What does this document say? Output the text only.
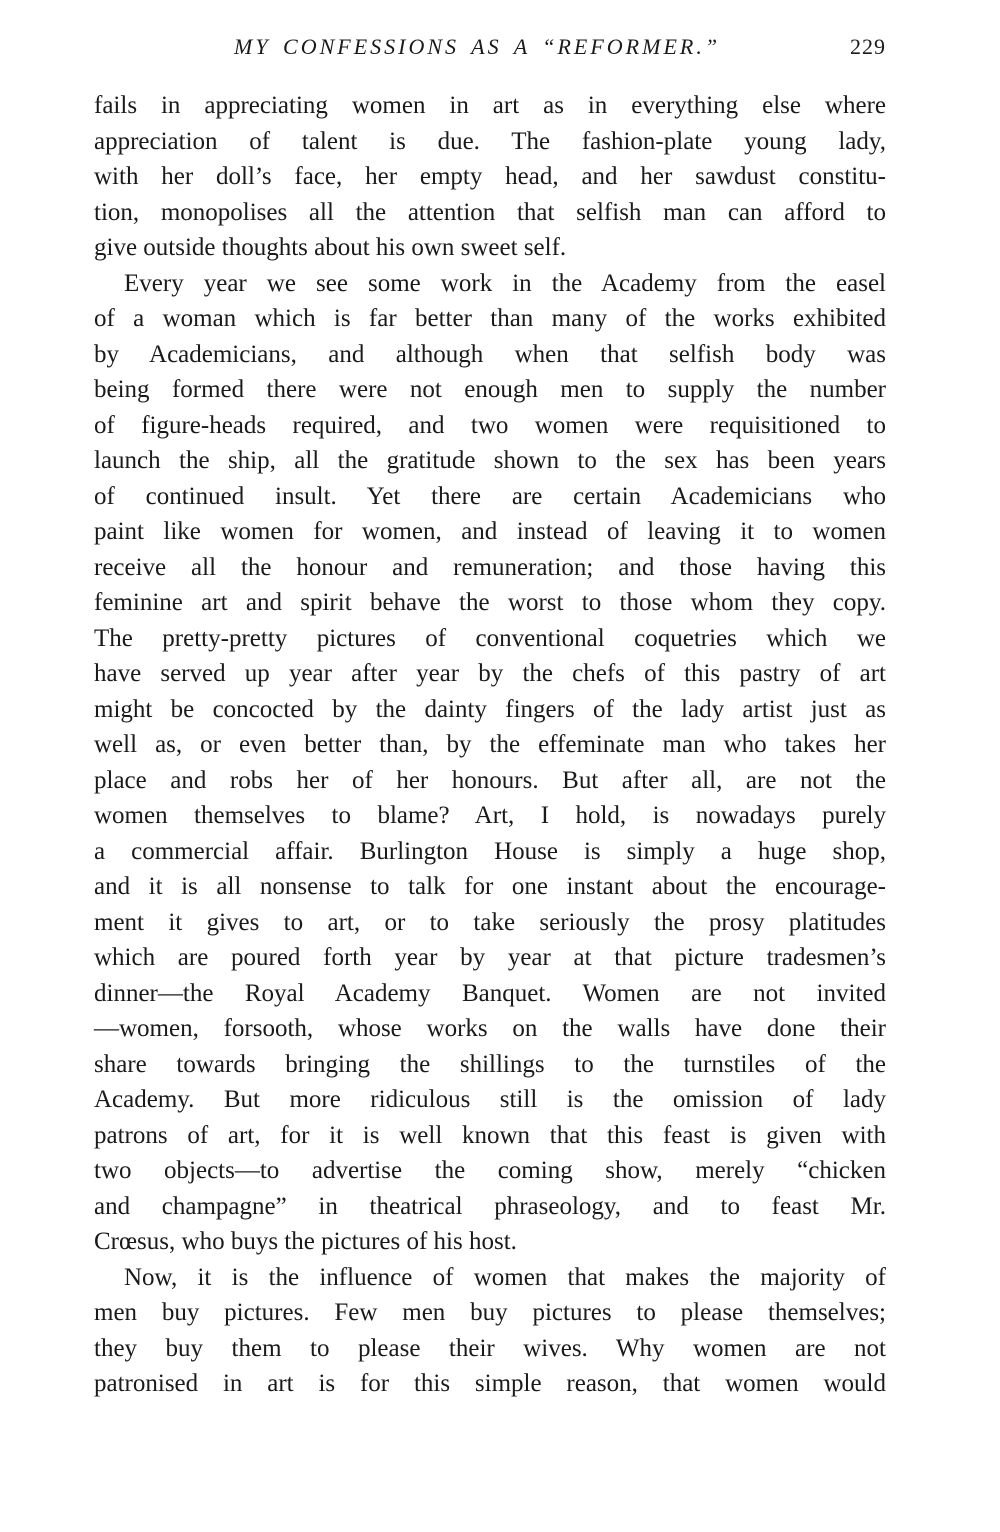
MY CONFESSIONS AS A “REFORMER.”	229
fails in appreciating women in art as in everything else where
appreciation of talent is due. The fashion-plate young lady,
with her doll’s face, her empty head, and her sawdust constitu-
tion, monopolises all the attention that selfish man can afford to
give outside thoughts about his own sweet self.
Every year we see some work in the Academy from the easel
of a woman which is far better than many of the works exhibited
by Academicians, and although when that selfish body was
being formed there were not enough men to supply the number
of figure-heads required, and two women were requisitioned to
launch the ship, all the gratitude shown to the sex has been years
of continued insult. Yet there are certain Academicians who
paint like women for women, and instead of leaving it to women
receive all the honour and remuneration; and those having this
feminine art and spirit behave the worst to those whom they copy.
The pretty-pretty pictures of conventional coquetries which we
have served up year after year by the chefs of this pastry of art
might be concocted by the dainty fingers of the lady artist just as
well as, or even better than, by the effeminate man who takes her
place and robs her of her honours. But after all, are not the
women themselves to blame? Art, I hold, is nowadays purely
a commercial affair. Burlington House is simply a huge shop,
and it is all nonsense to talk for one instant about the encourage-
ment it gives to art, or to take seriously the prosy platitudes
which are poured forth year by year at that picture tradesmen’s
dinner—the Royal Academy Banquet. Women are not invited
—women, forsooth, whose works on the walls have done their
share towards bringing the shillings to the turnstiles of the
Academy. But more ridiculous still is the omission of lady
patrons of art, for it is well known that this feast is given with
two objects—to advertise the coming show, merely “chicken
and champagne” in theatrical phraseology, and to feast Mr.
Crœsus, who buys the pictures of his host.
Now, it is the influence of women that makes the majority of
men buy pictures. Few men buy pictures to please themselves;
they buy them to please their wives. Why women are not
patronised in art is for this simple reason, that women would
